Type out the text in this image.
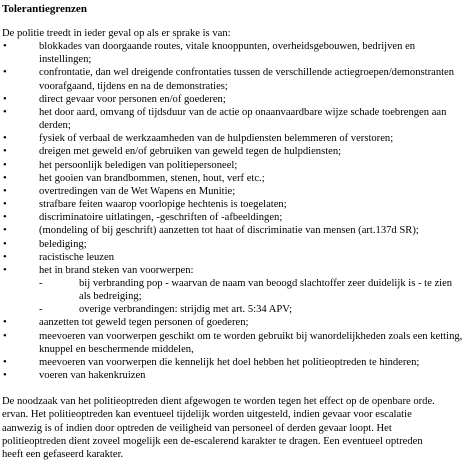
Tolerantiegrenzen

De politie treedt in ieder geval op als er sprake is van:

•	blokkades van doorgaande routes, vitale knooppunten, overheidsgebouwen, bedrijven en instellingen;
•	confrontatie, dan wel dreigende confrontaties tussen de verschillende actiegroepen/demonstranten voorafgaand, tijdens en na de demonstraties;
•	direct gevaar voor personen en/of goederen;
•	het door aard, omvang of tijdsduur van de actie op onaanvaardbare wijze schade toebrengen aan derden;
•	fysiek of verbaal de werkzaamheden van de hulpdiensten belemmeren of verstoren;
•	dreigen met geweld en/of gebruiken van geweld tegen de hulpdiensten;
•	het persoonlijk beledigen van politiepersoneel;
•	het gooien van brandbommen, stenen, hout, verf etc.;
•	overtredingen van de Wet Wapens en Munitie;
•	strafbare feiten waarop voorlopige hechtenis is toegelaten;
•	discriminatoire uitlatingen, -geschriften of -afbeeldingen;
•	(mondeling of bij geschrift) aanzetten tot haat of discriminatie van mensen (art.137d SR);
•	belediging;
•	racistische leuzen
•	het in brand steken van voorwerpen:
-	bij verbranding pop - waarvan de naam van beoogd slachtoffer zeer duidelijk is - te zien als bedreiging;
-	overige verbrandingen: strijdig met art. 5:34 APV;
•	aanzetten tot geweld tegen personen of goederen;
•	meevoeren van voorwerpen geschikt om te worden gebruikt bij wanordelijkheden zoals een ketting, knuppel en beschermende middelen,
•	meevoeren van voorwerpen die kennelijk het doel hebben het politieoptreden te hinderen;
•	voeren van hakenkruizen

De noodzaak van het politieoptreden dient afgewogen te worden tegen het effect op de openbare orde.
ervan. Het politieoptreden kan eventueel tijdelijk worden uitgesteld, indien gevaar voor escalatie
aanwezig is of indien door optreden de veiligheid van personeel of derden gevaar loopt. Het
politieoptreden dient zoveel mogelijk een de-escalerend karakter te dragen. Een eventueel optreden
heeft een gefaseerd karakter.
